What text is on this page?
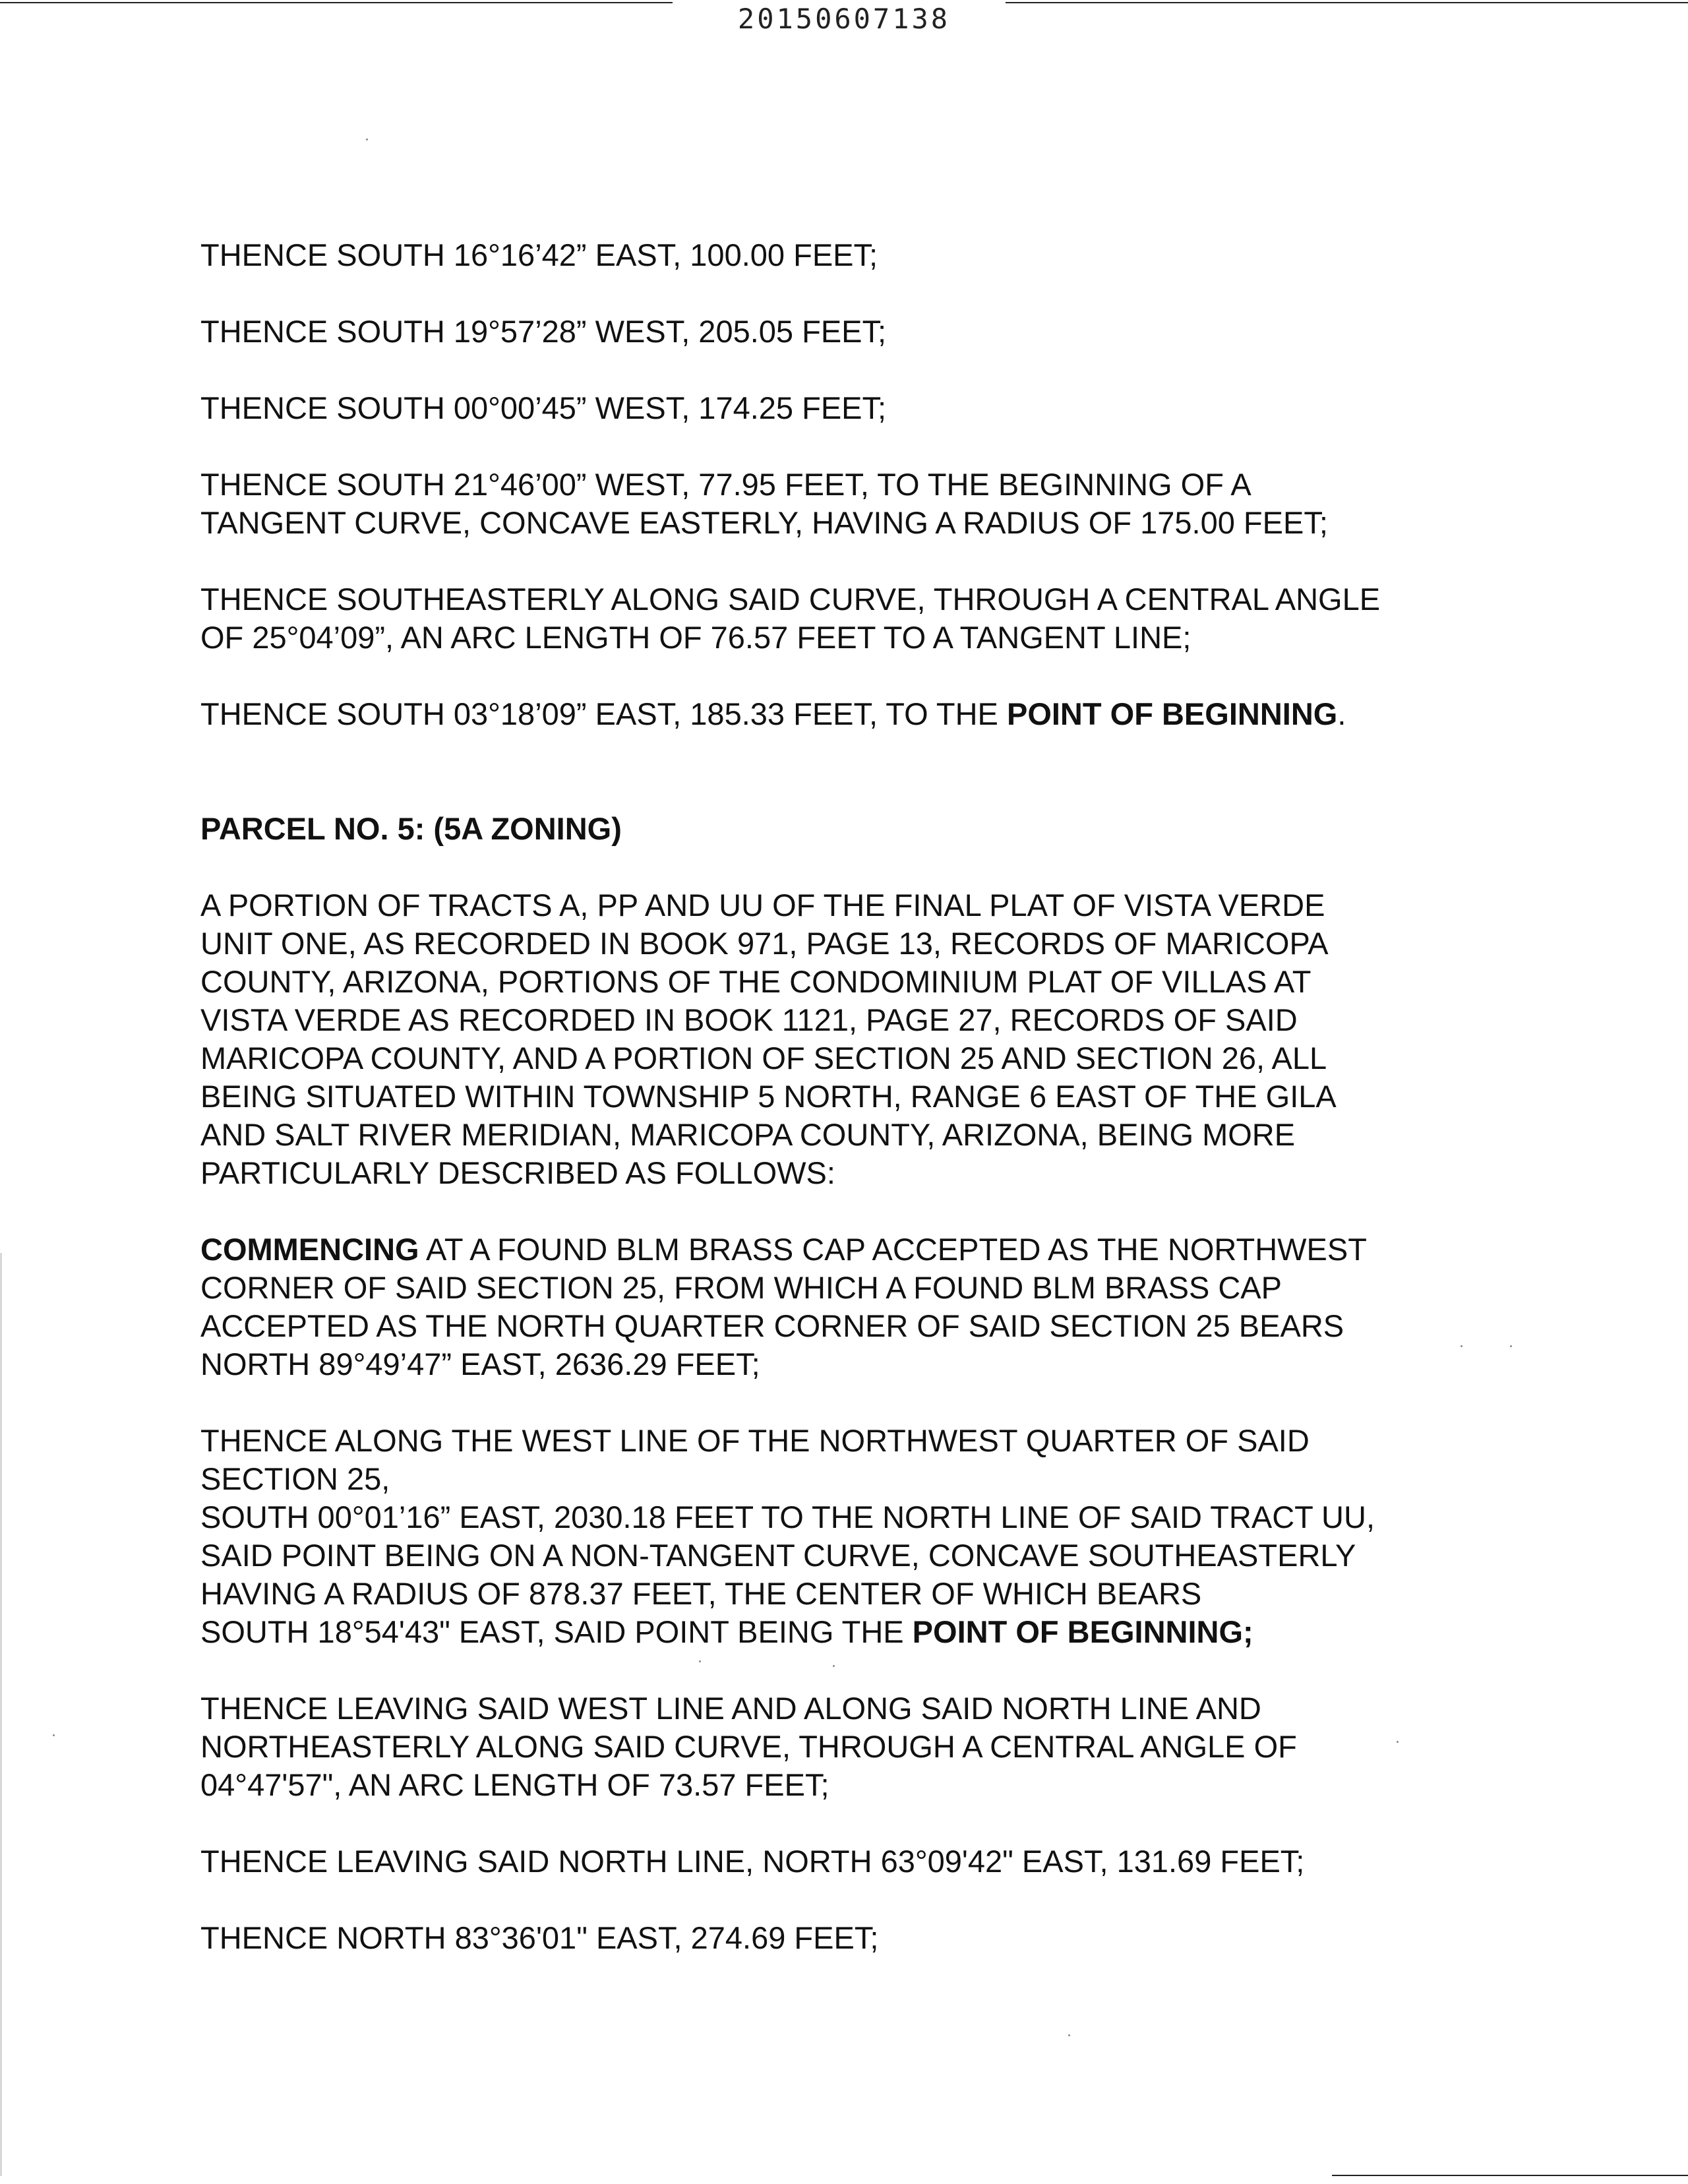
20150607138

THENCE SOUTH 16°16’42” EAST, 100.00 FEET;

THENCE SOUTH 19°57’28” WEST, 205.05 FEET;

THENCE SOUTH 00°00’45” WEST, 174.25 FEET;

THENCE SOUTH 21°46’00” WEST, 77.95 FEET, TO THE BEGINNING OF A
TANGENT CURVE, CONCAVE EASTERLY, HAVING A RADIUS OF 175.00 FEET;

THENCE SOUTHEASTERLY ALONG SAID CURVE, THROUGH A CENTRAL ANGLE
OF 25°04’09”, AN ARC LENGTH OF 76.57 FEET TO A TANGENT LINE;

THENCE SOUTH 03°18’09” EAST, 185.33 FEET, TO THE POINT OF BEGINNING.

PARCEL NO. 5: (5A ZONING)

A PORTION OF TRACTS A, PP AND UU OF THE FINAL PLAT OF VISTA VERDE
UNIT ONE, AS RECORDED IN BOOK 971, PAGE 13, RECORDS OF MARICOPA
COUNTY, ARIZONA, PORTIONS OF THE CONDOMINIUM PLAT OF VILLAS AT
VISTA VERDE AS RECORDED IN BOOK 1121, PAGE 27, RECORDS OF SAID
MARICOPA COUNTY, AND A PORTION OF SECTION 25 AND SECTION 26, ALL
BEING SITUATED WITHIN TOWNSHIP 5 NORTH, RANGE 6 EAST OF THE GILA
AND SALT RIVER MERIDIAN, MARICOPA COUNTY, ARIZONA, BEING MORE
PARTICULARLY DESCRIBED AS FOLLOWS:

COMMENCING AT A FOUND BLM BRASS CAP ACCEPTED AS THE NORTHWEST
CORNER OF SAID SECTION 25, FROM WHICH A FOUND BLM BRASS CAP
ACCEPTED AS THE NORTH QUARTER CORNER OF SAID SECTION 25 BEARS
NORTH 89°49’47” EAST, 2636.29 FEET;

THENCE ALONG THE WEST LINE OF THE NORTHWEST QUARTER OF SAID
SECTION 25,
SOUTH 00°01’16” EAST, 2030.18 FEET TO THE NORTH LINE OF SAID TRACT UU,
SAID POINT BEING ON A NON-TANGENT CURVE, CONCAVE SOUTHEASTERLY
HAVING A RADIUS OF 878.37 FEET, THE CENTER OF WHICH BEARS
SOUTH 18°54'43" EAST, SAID POINT BEING THE POINT OF BEGINNING;

THENCE LEAVING SAID WEST LINE AND ALONG SAID NORTH LINE AND
NORTHEASTERLY ALONG SAID CURVE, THROUGH A CENTRAL ANGLE OF
04°47'57", AN ARC LENGTH OF 73.57 FEET;

THENCE LEAVING SAID NORTH LINE, NORTH 63°09'42" EAST, 131.69 FEET;

THENCE NORTH 83°36'01" EAST, 274.69 FEET;
